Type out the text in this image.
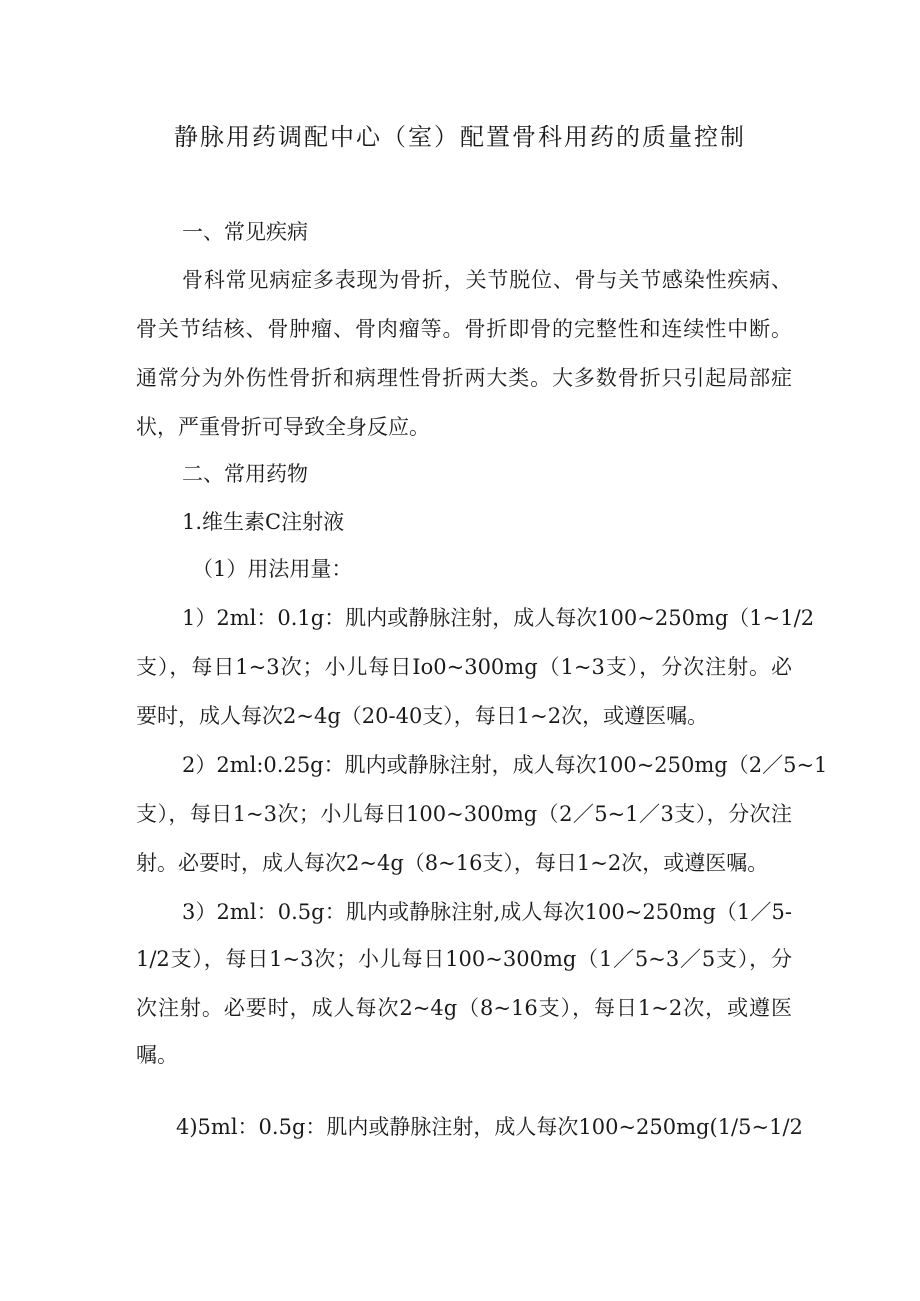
静脉用药调配中心（室）配置骨科用药的质量控制
一、常见疾病
骨科常见病症多表现为骨折，关节脱位、骨与关节感染性疾病、
骨关节结核、骨肿瘤、骨肉瘤等。骨折即骨的完整性和连续性中断。
通常分为外伤性骨折和病理性骨折两大类。大多数骨折只引起局部症
状，严重骨折可导致全身反应。
二、常用药物
1.维生素C注射液
（1）用法用量：
1）2ml：0.1g：肌内或静脉注射，成人每次100~250mg（1~1/2
支），每日1~3次；小儿每日Io0~300mg（1~3支），分次注射。必
要时，成人每次2~4g（20-40支），每日1~2次，或遵医嘱。
2）2ml:0.25g：肌内或静脉注射，成人每次100~250mg（2／5~1
支），每日1~3次；小儿每日100~300mg（2／5~1／3支），分次注
射。必要时，成人每次2~4g（8~16支），每日1~2次，或遵医嘱。
3）2ml：0.5g：肌内或静脉注射,成人每次100~250mg（1／5-
1/2支），每日1~3次；小儿每日100~300mg（1／5~3／5支），分
次注射。必要时，成人每次2~4g（8~16支），每日1~2次，或遵医
嘱。
4)5ml：0.5g：肌内或静脉注射，成人每次100~250mg(1/5~1/2
